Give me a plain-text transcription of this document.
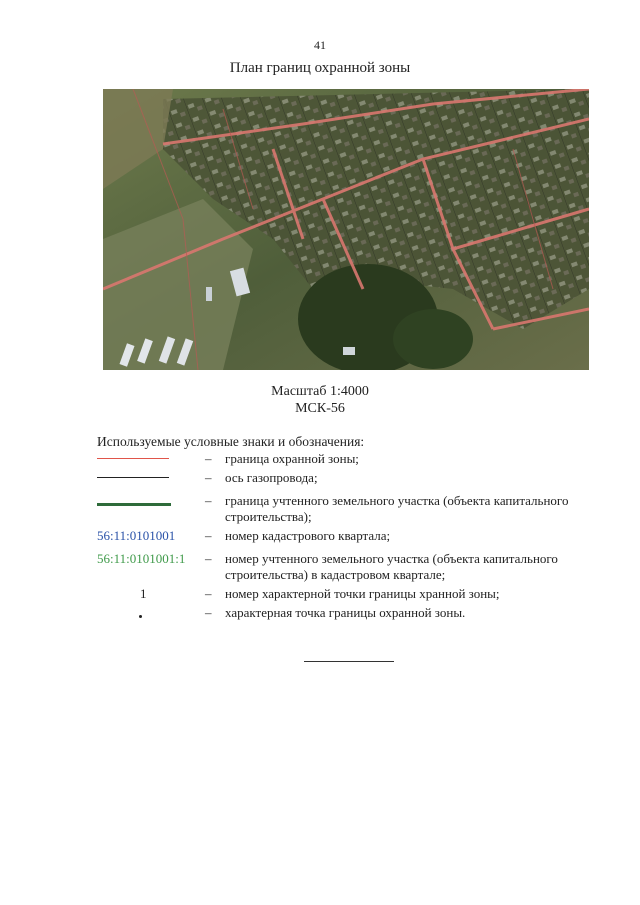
41
План границ охранной зоны
Масштаб 1:4000
МСК-56
Используемые условные знаки и обозначения:
– граница охранной зоны;
– ось газопровода;
– граница учтенного земельного участка (объекта капитального строительства);
56:11:0101001	– номер кадастрового квартала;
56:11:0101001:1	– номер учтенного земельного участка (объекта капитального строительства) в кадастровом квартале;
1	– номер характерной точки границы хранной зоны;
– характерная точка границы охранной зоны.
